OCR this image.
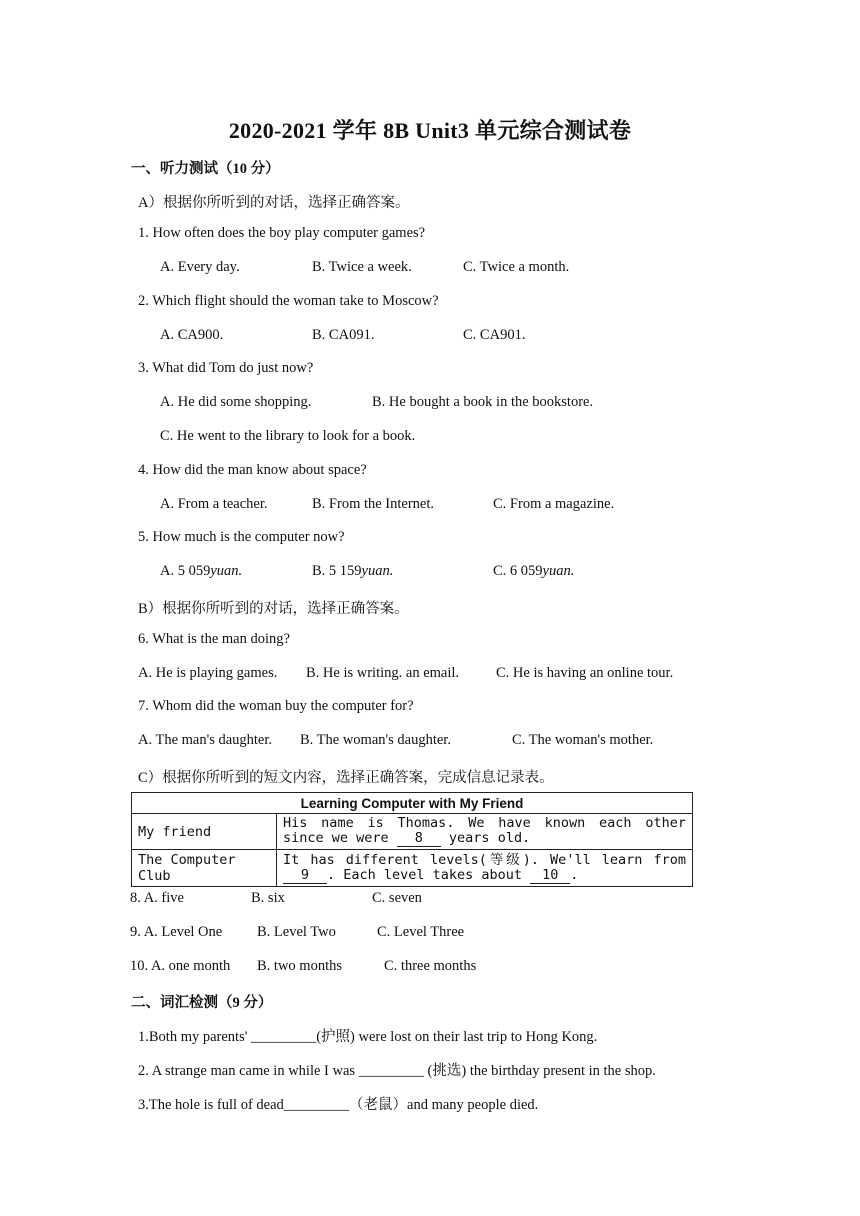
2020-2021 学年 8B Unit3 单元综合测试卷
一、听力测试（10 分）
A）根据你所听到的对话，选择正确答案。
1. How often does the boy play computer games?
A. Every day.	B. Twice a week.	C. Twice a month.
2. Which flight should the woman take to Moscow?
A. CA900.	B. CA091.	C. CA901.
3. What did Tom do just now?
A. He did some shopping.	B. He bought a book in the bookstore.
C. He went to the library to look for a book.
4. How did the man know about space?
A. From a teacher.	B. From the Internet.	C. From a magazine.
5. How much is the computer now?
A. 5 059yuan.	B. 5 159yuan.	C. 6 059yuan.
B）根据你所听到的对话，选择正确答案。
6. What is the man doing?
A. He is playing games. B. He is writing. an email.	C. He is having an online tour.
7. Whom did the woman buy the computer for?
A. The man's daughter. B. The woman's daughter.	C. The woman's mother.
C）根据你所听到的短文内容，选择正确答案，完成信息记录表。
Learning Computer with My Friend	
My friend	His name is Thomas. We have known each other since we were 8 years old.
The Computer Club	It has different levels(等级). We'll learn from 9 . Each level takes about 10 .
8. A. five	B. six	C. seven
9. A. Level One B. Level Two	C. Level Three
10. A. one month B. two months	C. three months
二、词汇检测（9 分）
1.Both my parents' _________(护照) were lost on their last trip to Hong Kong.
2. A strange man came in while I was _________ (挑选) the birthday present in the shop.
3.The hole is full of dead_________（老鼠）and many people died.
